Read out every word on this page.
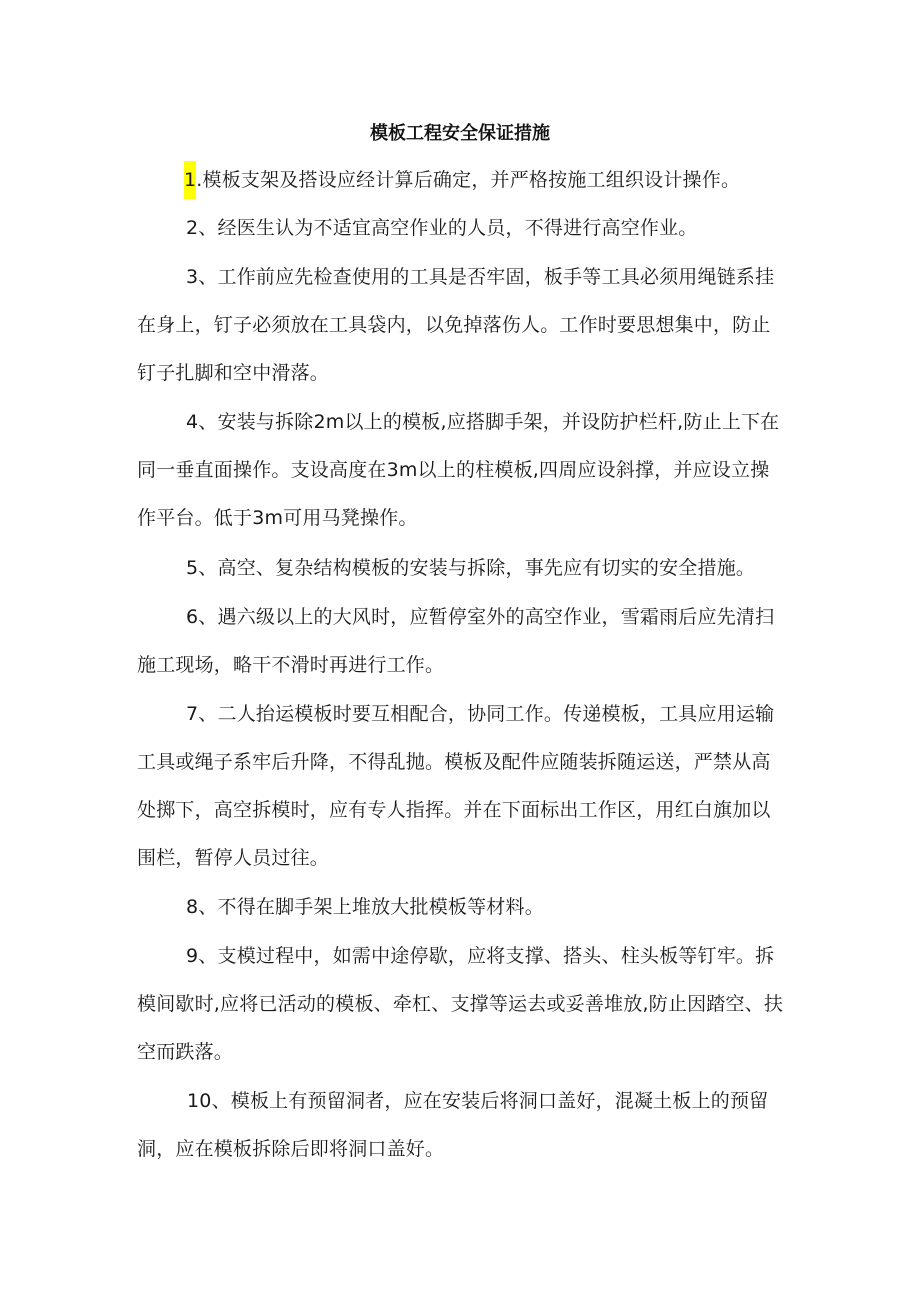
模板工程安全保证措施

1.模板支架及搭设应经计算后确定，并严格按施工组织设计操作。

2、经医生认为不适宜高空作业的人员，不得进行高空作业。

3、工作前应先检查使用的工具是否牢固，板手等工具必须用绳链系挂在身上，钉子必须放在工具袋内，以免掉落伤人。工作时要思想集中，防止钉子扎脚和空中滑落。

4、安装与拆除2m以上的模板,应搭脚手架，并设防护栏杆,防止上下在同一垂直面操作。支设高度在3m以上的柱模板,四周应设斜撑，并应设立操作平台。低于3m可用马凳操作。

5、高空、复杂结构模板的安装与拆除，事先应有切实的安全措施。

6、遇六级以上的大风时，应暂停室外的高空作业，雪霜雨后应先清扫施工现场，略干不滑时再进行工作。

7、二人抬运模板时要互相配合，协同工作。传递模板，工具应用运输工具或绳子系牢后升降，不得乱抛。模板及配件应随装拆随运送，严禁从高处掷下，高空拆模时，应有专人指挥。并在下面标出工作区，用红白旗加以围栏，暂停人员过往。

8、不得在脚手架上堆放大批模板等材料。

9、支模过程中，如需中途停歇，应将支撑、搭头、柱头板等钉牢。拆模间歇时,应将已活动的模板、牵杠、支撑等运去或妥善堆放,防止因踏空、扶空而跌落。

10、模板上有预留洞者，应在安装后将洞口盖好，混凝土板上的预留洞，应在模板拆除后即将洞口盖好。
